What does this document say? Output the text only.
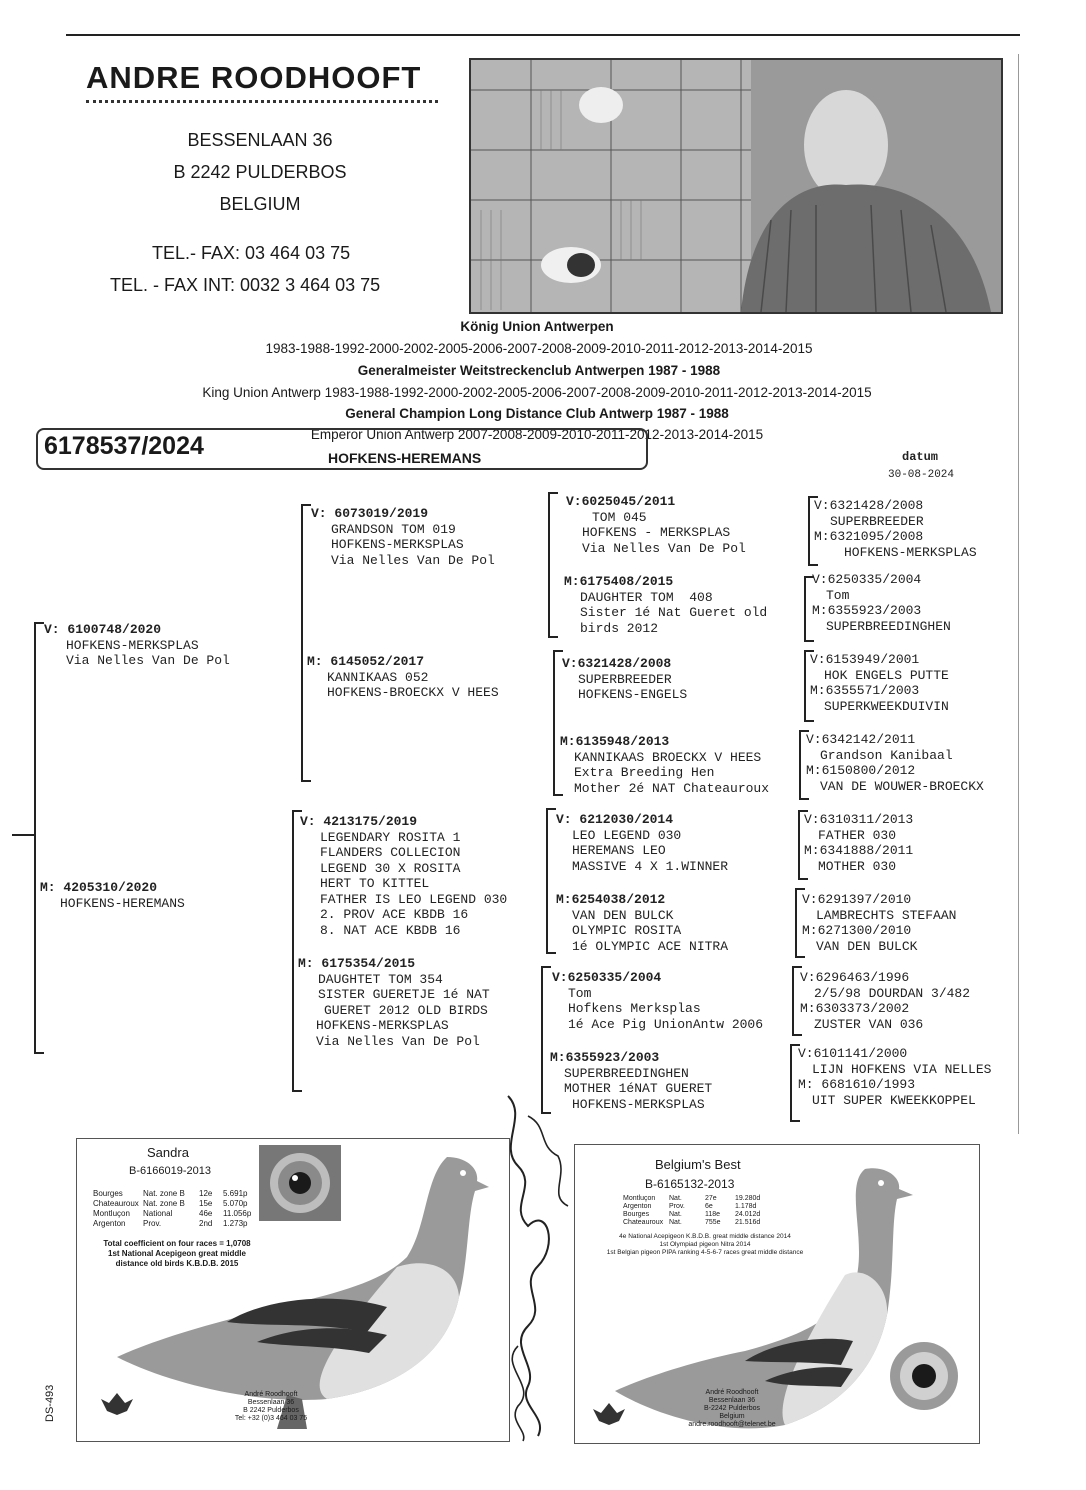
ANDRE ROODHOOFT
BESSENLAAN 36
B 2242 PULDERBOS
BELGIUM
TEL.- FAX: 03 464 03 75
TEL. - FAX INT: 0032 3 464 03 75
König Union Antwerpen
1983-1988-1992-2000-2002-2005-2006-2007-2008-2009-2010-2011-2012-2013-2014-2015
Generalmeister Weitstreckenclub Antwerpen 1987 - 1988
King Union Antwerp 1983-1988-1992-2000-2002-2005-2006-2007-2008-2009-2010-2011-2012-2013-2014-2015
General Champion Long Distance Club Antwerp 1987 - 1988
Emperor Union Antwerp 2007-2008-2009-2010-2011-2012-2013-2014-2015
6178537/2024	HOFKENS-HEREMANS	datum
30-08-2024
V: 6100748/2020
HOFKENS-MERKSPLAS
Via Nelles Van De Pol
M: 4205310/2020
HOFKENS-HEREMANS
V: 6073019/2019
GRANDSON TOM 019
HOFKENS-MERKSPLAS
Via Nelles Van De Pol
M: 6145052/2017
KANNIKAAS 052
HOFKENS-BROECKX V HEES
V: 4213175/2019
LEGENDARY ROSITA 1
FLANDERS COLLECION
LEGEND 30 X ROSITA
HERT TO KITTEL
FATHER IS LEO LEGEND 030
2. PROV ACE KBDB 16
8. NAT ACE KBDB 16
M: 6175354/2015
DAUGHTET TOM 354
SISTER GUERETJE 1é NAT
GUERET 2012 OLD BIRDS
HOFKENS-MERKSPLAS
Via Nelles Van De Pol
V:6025045/2011
TOM 045
HOFKENS - MERKSPLAS
Via Nelles Van De Pol
M:6175408/2015
DAUGHTER TOM  408
Sister 1é Nat Gueret old
birds 2012
V:6321428/2008
SUPERBREEDER
HOFKENS-ENGELS
M:6135948/2013
KANNIKAAS BROECKX V HEES
Extra Breeding Hen
Mother 2é NAT Chateauroux
V: 6212030/2014
LEO LEGEND 030
HEREMANS LEO
MASSIVE 4 X 1.WINNER
M:6254038/2012
VAN DEN BULCK
OLYMPIC ROSITA
1é OLYMPIC ACE NITRA
V:6250335/2004
Tom
Hofkens Merksplas
1é Ace Pig UnionAntw 2006
M:6355923/2003
SUPERBREEDINGHEN
MOTHER 1éNAT GUERET
HOFKENS-MERKSPLAS
V:6321428/2008
SUPERBREEDER
M:6321095/2008
HOFKENS-MERKSPLAS
V:6250335/2004
Tom
M:6355923/2003
SUPERBREEDINGHEN
V:6153949/2001
HOK ENGELS PUTTE
M:6355571/2003
SUPERKWEEKDUIVIN
V:6342142/2011
Grandson Kanibaal
M:6150800/2012
VAN DE WOUWER-BROECKX
V:6310311/2013
FATHER 030
M:6341888/2011
MOTHER 030
V:6291397/2010
LAMBRECHTS STEFAAN
M:6271300/2010
VAN DEN BULCK
V:6296463/1996
2/5/98 DOURDAN 3/482
M:6303373/2002
ZUSTER VAN 036
V:6101141/2000
LIJN HOFKENS VIA NELLES
M: 6681610/1993
UIT SUPER KWEEKKOPPEL
Sandra
B-6166019-2013
Bourges	Nat. zone B	12e	5.691p
Chateauroux Nat. zone B	15e	5.070p
Montluçon	National	46e	11.056p
Argenton	Prov.	2nd	1.273p
Total coefficient on four races = 1,0708
1st National Acepigeon great middle
distance old birds K.B.D.B. 2015
André Roodhooft
Bessenlaan 36
B 2242 Pulderbos
Tel: +32 (0)3 464 03 75
Belgium's Best
B-6165132-2013
Montluçon	Nat.	27e	19.280d
Argenton	Prov.	6e	1.178d
Bourges	Nat.	118e	24.012d
Chateauroux Nat.	755e	21.516d
4e National Acepigeon K.B.D.B. great middle distance 2014
1st Olympiad pigeon Nitra 2014
1st Belgian pigeon PIPA ranking 4-5-6-7 races great middle distance
André Roodhooft
Bessenlaan 36
B-2242 Pulderbos
Belgium
andre.roodhooft@telenet.be
DS-493
